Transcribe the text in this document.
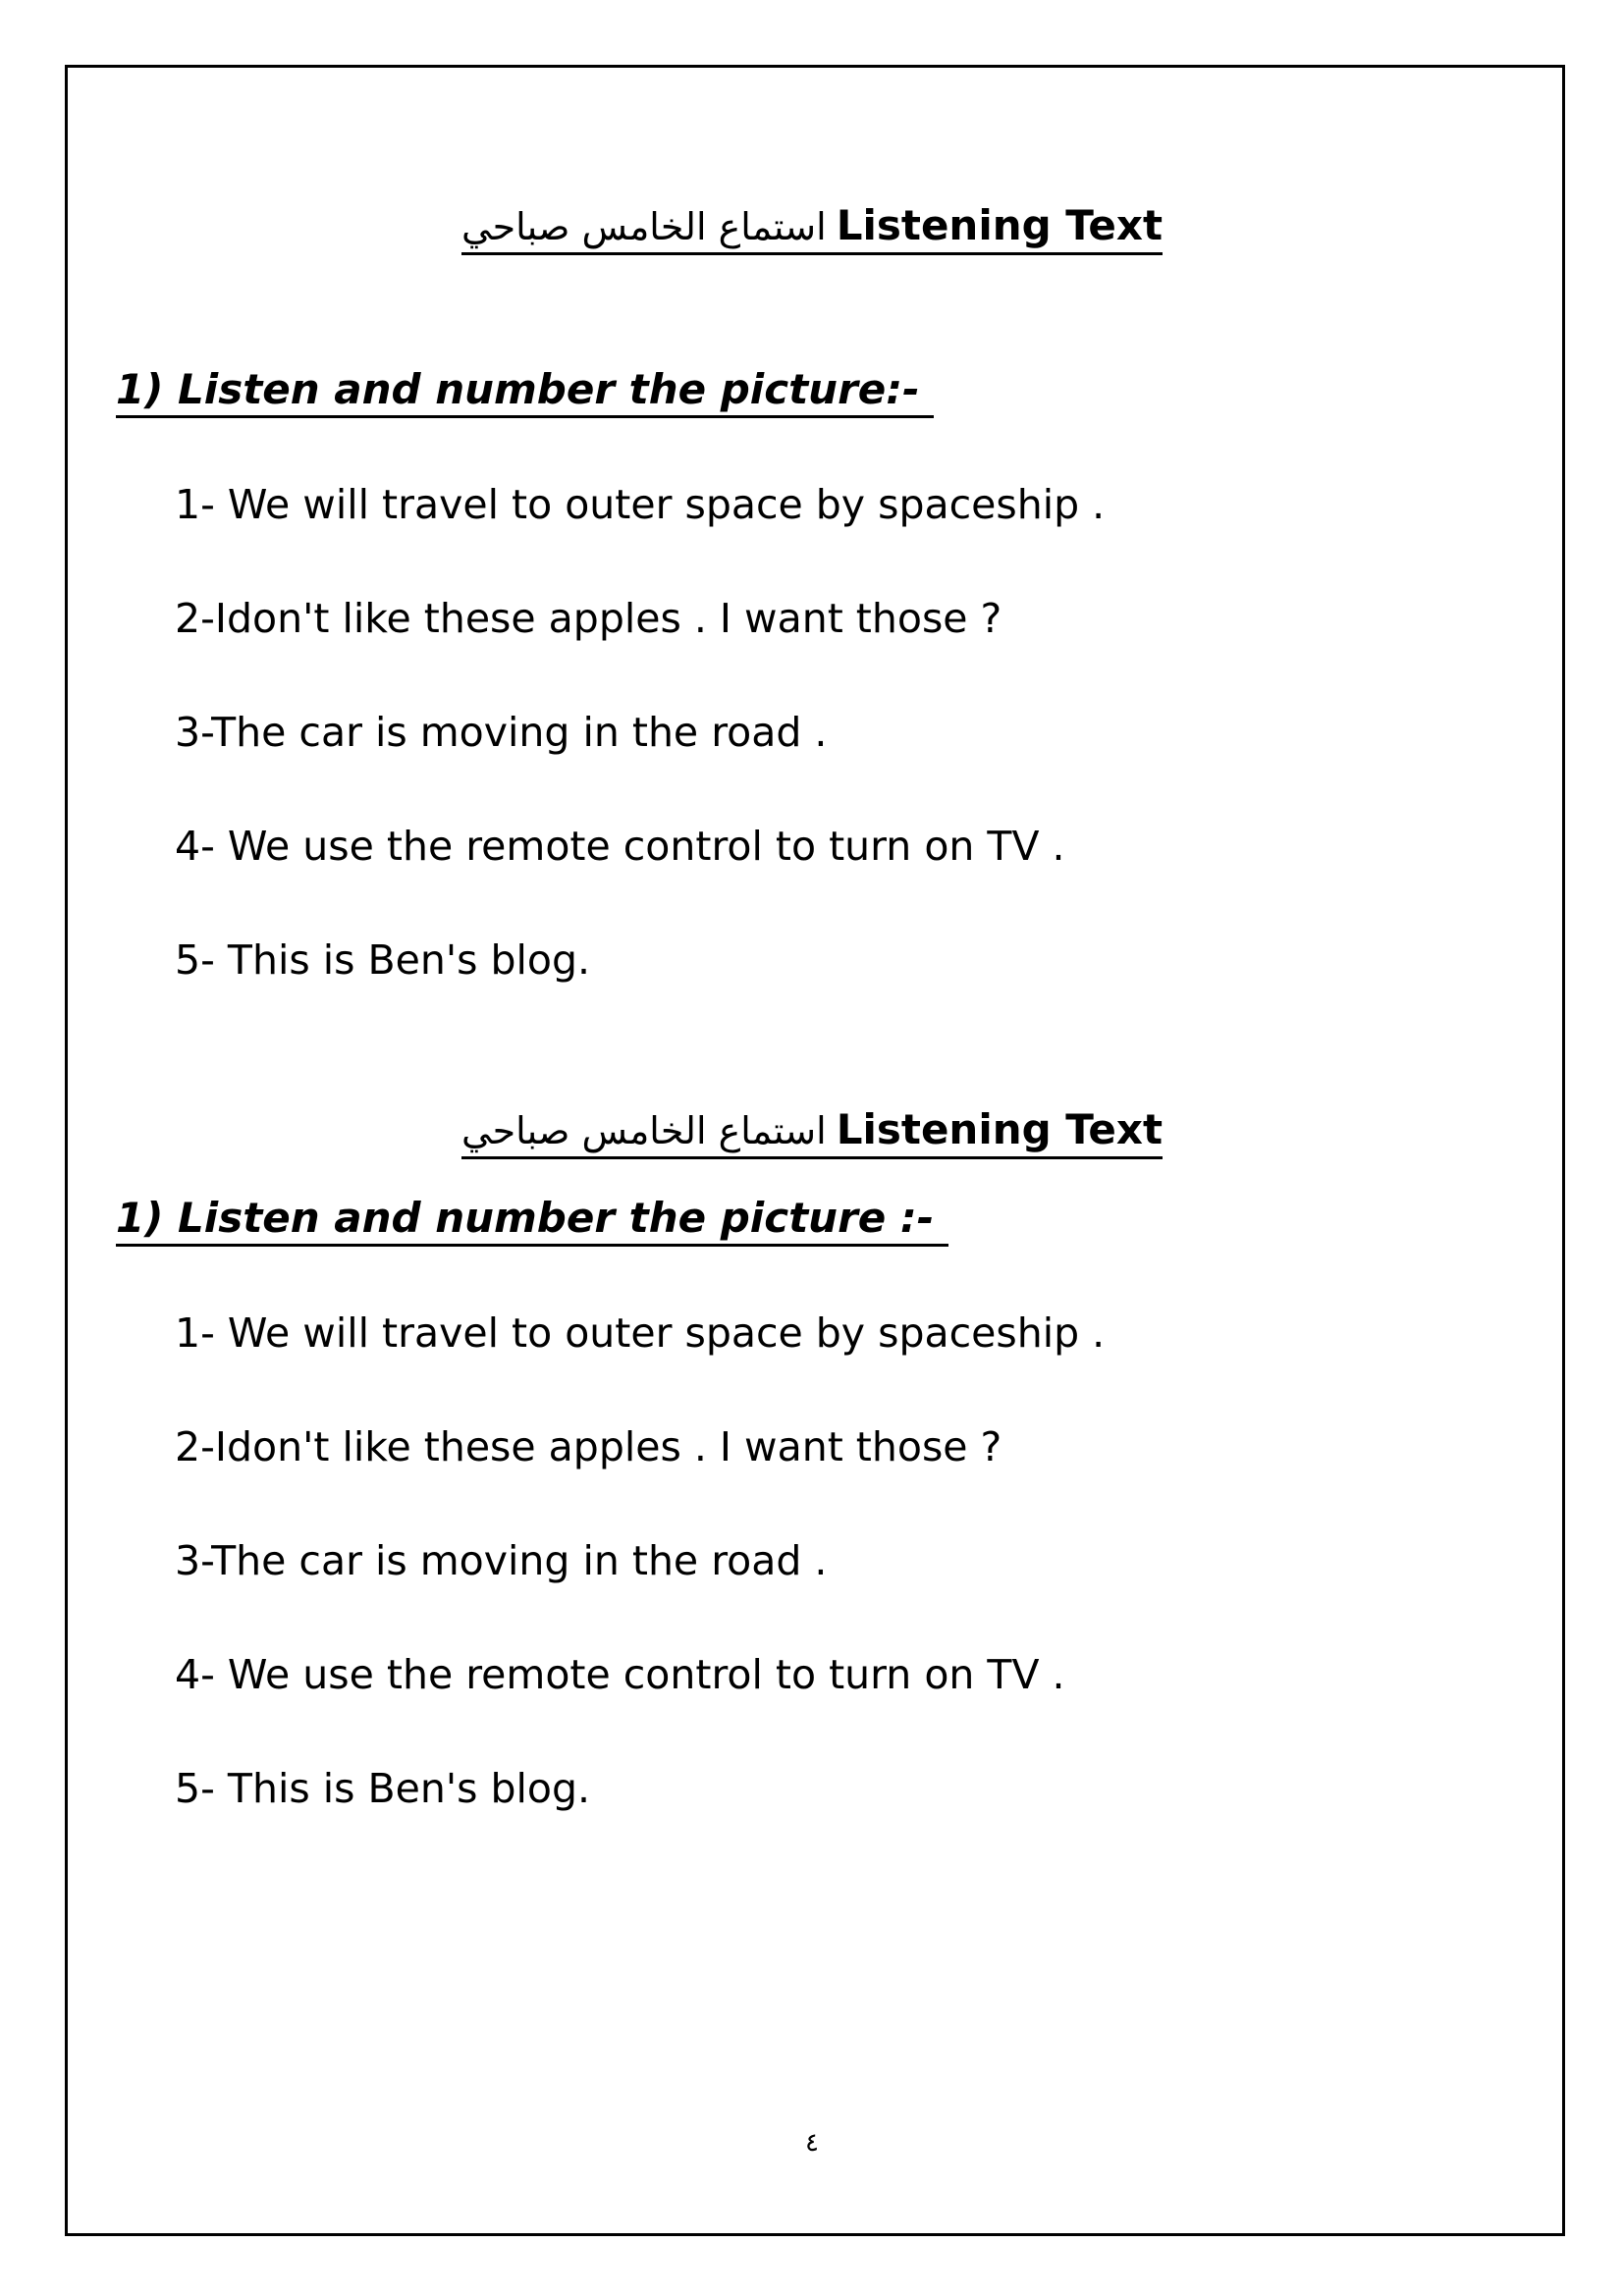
استماع الخامس صباحي Listening Text
1) Listen and number the picture:-
1- We will travel to outer space by spaceship .
2-Idon't like these apples . I want those ?
3-The car is moving in the road .
4- We use the remote control to turn on TV .
5- This is Ben's blog.
استماع الخامس صباحي Listening Text
1) Listen and number the picture :-
1- We will travel to outer space by spaceship .
2-Idon't like these apples . I want those ?
3-The car is moving in the road .
4- We use the remote control to turn on TV .
5- This is Ben's blog.
٤
